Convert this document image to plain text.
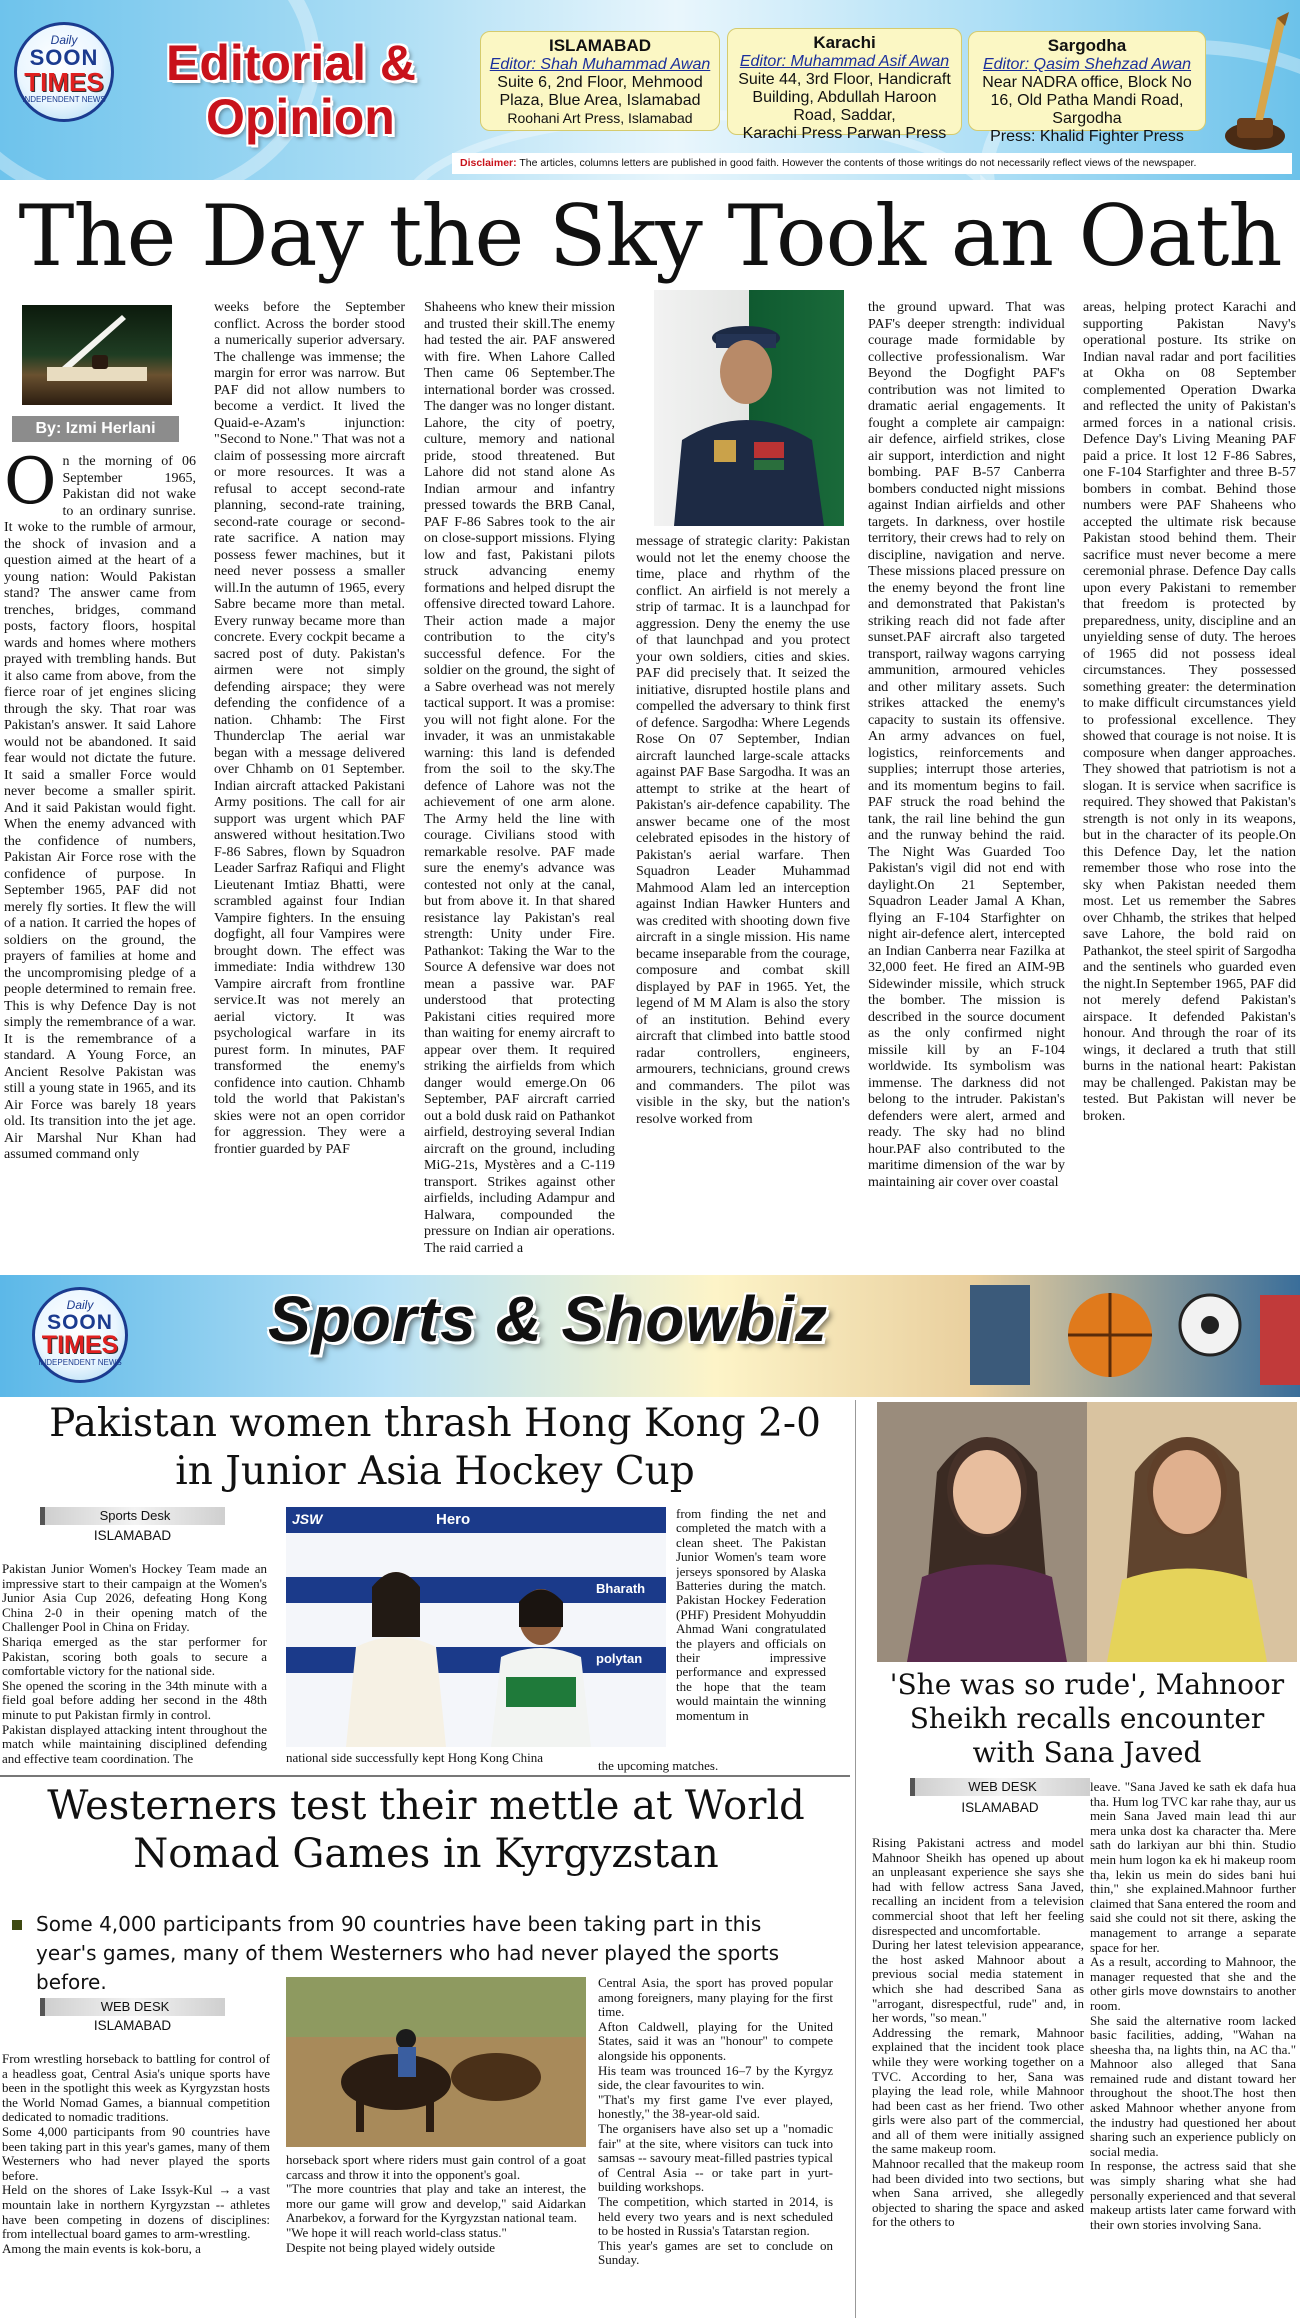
Daily
SOON
TIMES
INDEPENDENT NEWS
Editorial &
Opinion
ISLAMABAD
Editor: Shah Muhammad Awan
Suite 6, 2nd Floor, Mehmood Plaza, Blue Area, Islamabad
Roohani Art Press, Islamabad
Karachi
Editor: Muhammad Asif Awan
Suite 44, 3rd Floor, Handicraft Building, Abdullah Haroon Road, Saddar,
Karachi Press Parwan Press
Sargodha
Editor: Qasim Shehzad Awan
Near NADRA office, Block No 16, Old Patha Mandi Road, Sargodha
Press: Khalid Fighter Press
Disclaimer: The articles, columns letters are published in good faith. However the contents of those writings do not necessarily reflect views of the newspaper.
The Day the Sky Took an Oath
By: Izmi Herlani
On the morning of 06 September 1965, Pakistan did not wake to an ordinary sunrise. It woke to the rumble of armour, the shock of invasion and a question aimed at the heart of a young nation: Would Pakistan stand? The answer came from trenches, bridges, command posts, factory floors, hospital wards and homes where mothers prayed with trembling hands. But it also came from above, from the fierce roar of jet engines slicing through the sky. That roar was Pakistan's answer. It said Lahore would not be abandoned. It said fear would not dictate the future. It said a smaller Force would never become a smaller spirit. And it said Pakistan would fight. When the enemy advanced with the confidence of numbers, Pakistan Air Force rose with the confidence of purpose. In September 1965, PAF did not merely fly sorties. It flew the will of a nation. It carried the hopes of soldiers on the ground, the prayers of families at home and the uncompromising pledge of a people determined to remain free. This is why Defence Day is not simply the remembrance of a war. It is the remembrance of a standard. A Young Force, an Ancient Resolve Pakistan was still a young state in 1965, and its Air Force was barely 18 years old. Its transition into the jet age. Air Marshal Nur Khan had assumed command only
weeks before the September conflict. Across the border stood a numerically superior adversary. The challenge was immense; the margin for error was narrow. But PAF did not allow numbers to become a verdict. It lived the Quaid-e-Azam's injunction: "Second to None." That was not a claim of possessing more aircraft or more resources. It was a refusal to accept second-rate planning, second-rate training, second-rate courage or second-rate sacrifice. A nation may possess fewer machines, but it need never possess a smaller will.In the autumn of 1965, every Sabre became more than metal. Every runway became more than concrete. Every cockpit became a sacred post of duty. Pakistan's airmen were not simply defending airspace; they were defending the confidence of a nation. Chhamb: The First Thunderclap The aerial war began with a message delivered over Chhamb on 01 September. Indian aircraft attacked Pakistani Army positions. The call for air support was urgent which PAF answered without hesitation.Two F-86 Sabres, flown by Squadron Leader Sarfraz Rafiqui and Flight Lieutenant Imtiaz Bhatti, were scrambled against four Indian Vampire fighters. In the ensuing dogfight, all four Vampires were brought down. The effect was immediate: India withdrew 130 Vampire aircraft from frontline service.It was not merely an aerial victory. It was psychological warfare in its purest form. In minutes, PAF transformed the enemy's confidence into caution. Chhamb told the world that Pakistan's skies were not an open corridor for aggression. They were a frontier guarded by PAF
Shaheens who knew their mission and trusted their skill.The enemy had tested the air. PAF answered with fire. When Lahore Called Then came 06 September.The international border was crossed. The danger was no longer distant. Lahore, the city of poetry, culture, memory and national pride, stood threatened. But Lahore did not stand alone As Indian armour and infantry pressed towards the BRB Canal, PAF F-86 Sabres took to the air on close-support missions. Flying low and fast, Pakistani pilots struck advancing enemy formations and helped disrupt the offensive directed toward Lahore. Their action made a major contribution to the city's successful defence. For the soldier on the ground, the sight of a Sabre overhead was not merely tactical support. It was a promise: you will not fight alone. For the invader, it was an unmistakable warning: this land is defended from the soil to the sky.The defence of Lahore was not the achievement of one arm alone. The Army held the line with courage. Civilians stood with remarkable resolve. PAF made sure the enemy's advance was contested not only at the canal, but from above it. In that shared resistance lay Pakistan's real strength: Unity under Fire. Pathankot: Taking the War to the Source A defensive war does not mean a passive war. PAF understood that protecting Pakistani cities required more than waiting for enemy aircraft to appear over them. It required striking the airfields from which danger would emerge.On 06 September, PAF aircraft carried out a bold dusk raid on Pathankot airfield, destroying several Indian aircraft on the ground, including MiG-21s, Mystères and a C-119 transport. Strikes against other airfields, including Adampur and Halwara, compounded the pressure on Indian air operations. The raid carried a
message of strategic clarity: Pakistan would not let the enemy choose the time, place and rhythm of the conflict. An airfield is not merely a strip of tarmac. It is a launchpad for aggression. Deny the enemy the use of that launchpad and you protect your own soldiers, cities and skies. PAF did precisely that. It seized the initiative, disrupted hostile plans and compelled the adversary to think first of defence. Sargodha: Where Legends Rose On 07 September, Indian aircraft launched large-scale attacks against PAF Base Sargodha. It was an attempt to strike at the heart of Pakistan's air-defence capability. The answer became one of the most celebrated episodes in the history of Pakistan's aerial warfare. Then Squadron Leader Muhammad Mahmood Alam led an interception against Indian Hawker Hunters and was credited with shooting down five aircraft in a single mission. His name became inseparable from the courage, composure and combat skill displayed by PAF in 1965. Yet, the legend of M M Alam is also the story of an institution. Behind every aircraft that climbed into battle stood radar controllers, engineers, armourers, technicians, ground crews and commanders. The pilot was visible in the sky, but the nation's resolve worked from
the ground upward. That was PAF's deeper strength: individual courage made formidable by collective professionalism. War Beyond the Dogfight PAF's contribution was not limited to dramatic aerial engagements. It fought a complete air campaign: air defence, airfield strikes, close air support, interdiction and night bombing. PAF B-57 Canberra bombers conducted night missions against Indian airfields and other targets. In darkness, over hostile territory, their crews had to rely on discipline, navigation and nerve. These missions placed pressure on the enemy beyond the front line and demonstrated that Pakistan's striking reach did not fade after sunset.PAF aircraft also targeted transport, railway wagons carrying ammunition, armoured vehicles and other military assets. Such strikes attacked the enemy's capacity to sustain its offensive. An army advances on fuel, logistics, reinforcements and supplies; interrupt those arteries, and its momentum begins to fail. PAF struck the road behind the tank, the rail line behind the gun and the runway behind the raid. The Night Was Guarded Too Pakistan's vigil did not end with daylight.On 21 September, Squadron Leader Jamal A Khan, flying an F-104 Starfighter on night air-defence alert, intercepted an Indian Canberra near Fazilka at 32,000 feet. He fired an AIM-9B Sidewinder missile, which struck the bomber. The mission is described in the source document as the only confirmed night missile kill by an F-104 worldwide. Its symbolism was immense. The darkness did not belong to the intruder. Pakistan's defenders were alert, armed and ready. The sky had no blind hour.PAF also contributed to the maritime dimension of the war by maintaining air cover over coastal
areas, helping protect Karachi and supporting Pakistan Navy's operational posture. Its strike on Indian naval radar and port facilities at Okha on 08 September complemented Operation Dwarka and reflected the unity of Pakistan's armed forces in a national crisis. Defence Day's Living Meaning PAF paid a price. It lost 12 F-86 Sabres, one F-104 Starfighter and three B-57 bombers in combat. Behind those numbers were PAF Shaheens who accepted the ultimate risk because Pakistan stood behind them. Their sacrifice must never become a mere ceremonial phrase. Defence Day calls upon every Pakistani to remember that freedom is protected by preparedness, unity, discipline and an unyielding sense of duty. The heroes of 1965 did not possess ideal circumstances. They possessed something greater: the determination to make difficult circumstances yield to professional excellence. They showed that courage is not noise. It is composure when danger approaches. They showed that patriotism is not a slogan. It is service when sacrifice is required. They showed that Pakistan's strength is not only in its weapons, but in the character of its people.On this Defence Day, let the nation remember those who rose into the sky when Pakistan needed them most. Let us remember the Sabres over Chhamb, the strikes that helped save Lahore, the bold raid on Pathankot, the steel spirit of Sargodha and the sentinels who guarded even the night.In September 1965, PAF did not merely defend Pakistan's airspace. It defended Pakistan's honour. And through the roar of its wings, it declared a truth that still burns in the national heart: Pakistan may be challenged. Pakistan may be tested. But Pakistan will never be broken.
Daily
SOON
TIMES
INDEPENDENT NEWS
Sports & Showbiz
Pakistan women thrash Hong Kong 2-0 in Junior Asia Hockey Cup
Sports Desk
ISLAMABAD

Pakistan Junior Women's Hockey Team made an impressive start to their campaign at the Women's Junior Asia Cup 2026, defeating Hong Kong China 2-0 in their opening match of the Challenger Pool in China on Friday.

Shariqa emerged as the star performer for Pakistan, scoring both goals to secure a comfortable victory for the national side.

She opened the scoring in the 34th minute with a field goal before adding her second in the 48th minute to put Pakistan firmly in control.

Pakistan displayed attacking intent throughout the match while maintaining disciplined defending and effective team coordination. The

Hero
Bharath
polytan
JSW
national side successfully kept Hong Kong China
the upcoming matches.
from finding the net and completed the match with a clean sheet. The Pakistan Junior Women's team wore jerseys sponsored by Alaska Batteries during the match. Pakistan Hockey Federation (PHF) President Mohyuddin Ahmad Wani congratulated the players and officials on their impressive performance and expressed the hope that the team would maintain the winning momentum in
Westerners test their mettle at World Nomad Games in Kyrgyzstan
Some 4,000 participants from 90 countries have been taking part in this year's games, many of them Westerners who had never played the sports before.
WEB DESK
ISLAMABAD

From wrestling horseback to battling for control of a headless goat, Central Asia's unique sports have been in the spotlight this week as Kyrgyzstan hosts the World Nomad Games, a biannual competition dedicated to nomadic traditions.

Some 4,000 participants from 90 countries have been taking part in this year's games, many of them Westerners who had never played the sports before.

Held on the shores of Lake Issyk-Kul → a vast mountain lake in northern Kyrgyzstan -- athletes have been competing in dozens of disciplines: from intellectual board games to arm-wrestling.

Among the main events is kok-boru, a

horseback sport where riders must gain control of a goat carcass and throw it into the opponent's goal.

"The more countries that play and take an interest, the more our game will grow and develop," said Aidarkan Anarbekov, a forward for the Kyrgyzstan national team.

"We hope it will reach world-class status."

Despite not being played widely outside

Central Asia, the sport has proved popular among foreigners, many playing for the first time.

Afton Caldwell, playing for the United States, said it was an "honour" to compete alongside his opponents.

His team was trounced 16–7 by the Kyrgyz side, the clear favourites to win.

"That's my first game I've ever played, honestly," the 38-year-old said.

The organisers have also set up a "nomadic fair" at the site, where visitors can tuck into samsas -- savoury meat-filled pastries typical of Central Asia -- or take part in yurt-building workshops.

The competition, which started in 2014, is held every two years and is next scheduled to be hosted in Russia's Tatarstan region.

This year's games are set to conclude on Sunday.

'She was so rude', Mahnoor Sheikh recalls encounter with Sana Javed
WEB DESK
ISLAMABAD

Rising Pakistani actress and model Mahnoor Sheikh has opened up about an unpleasant experience she says she had with fellow actress Sana Javed, recalling an incident from a television commercial shoot that left her feeling disrespected and uncomfortable.

During her latest television appearance, the host asked Mahnoor about a previous social media statement in which she had described Sana as "arrogant, disrespectful, rude" and, in her words, "so mean."

Addressing the remark, Mahnoor explained that the incident took place while they were working together on a TVC. According to her, Sana was playing the lead role, while Mahnoor had been cast as her friend. Two other girls were also part of the commercial, and all of them were initially assigned the same makeup room.

Mahnoor recalled that the makeup room had been divided into two sections, but when Sana arrived, she allegedly objected to sharing the space and asked for the others to

leave. "Sana Javed ke sath ek dafa hua tha. Hum log TVC kar rahe thay, aur us mein Sana Javed main lead thi aur mera unka dost ka character tha. Mere sath do larkiyan aur bhi thin. Studio mein hum logon ka ek hi makeup room tha, lekin us mein do sides bani hui thin," she explained.Mahnoor further claimed that Sana entered the room and said she could not sit there, asking the management to arrange a separate space for her.

As a result, according to Mahnoor, the manager requested that she and the other girls move downstairs to another room.

She said the alternative room lacked basic facilities, adding, "Wahan na sheesha tha, na lights thin, na AC tha." Mahnoor also alleged that Sana remained rude and distant toward her throughout the shoot.The host then asked Mahnoor whether anyone from the industry had questioned her about sharing such an experience publicly on social media.

In response, the actress said that she was simply sharing what she had personally experienced and that several makeup artists later came forward with their own stories involving Sana.
